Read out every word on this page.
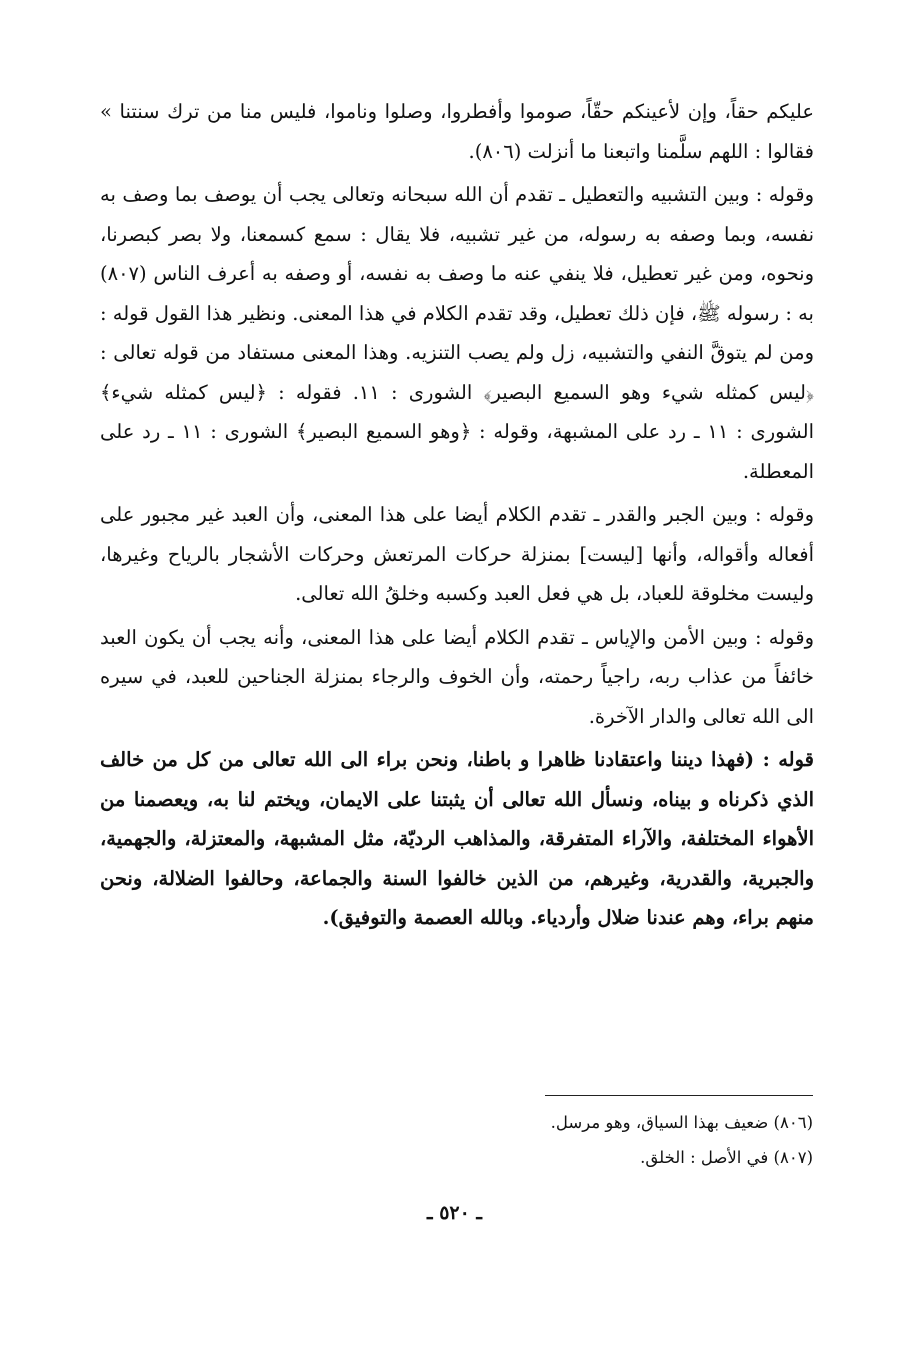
عليكم حقاً، وإن لأعينكم حقّاً، صوموا وأفطروا، وصلوا وناموا، فليس منا من ترك سنتنا » فقالوا : اللهم سلَّمنا واتبعنا ما أنزلت (٨٠٦).

وقوله : وبين التشبيه والتعطيل ـ تقدم أن الله سبحانه وتعالى يجب أن يوصف بما وصف به نفسه، وبما وصفه به رسوله، من غير تشبيه، فلا يقال : سمع كسمعنا، ولا بصر كبصرنا، ونحوه، ومن غير تعطيل، فلا ينفي عنه ما وصف به نفسه، أو وصفه به أعرف الناس (٨٠٧) به : رسوله ﷺ، فإن ذلك تعطيل، وقد تقدم الكلام في هذا المعنى. ونظير هذا القول قوله : ومن لم يتوقَّ النفي والتشبيه، زل ولم يصب التنزيه. وهذا المعنى مستفاد من قوله تعالى : ﴿ليس كمثله شيء وهو السميع البصير﴾ الشورى : ١١. فقوله : ﴿ليس كمثله شيء﴾ الشورى : ١١ ـ رد على المشبهة، وقوله : ﴿وهو السميع البصير﴾ الشورى : ١١ ـ رد على المعطلة.

وقوله : وبين الجبر والقدر ـ تقدم الكلام أيضا على هذا المعنى، وأن العبد غير مجبور على أفعاله وأقواله، وأنها [ليست] بمنزلة حركات المرتعش وحركات الأشجار بالرياح وغيرها، وليست مخلوقة للعباد، بل هي فعل العبد وكسبه وخلقُ الله تعالى.

وقوله : وبين الأمن والإياس ـ تقدم الكلام أيضا على هذا المعنى، وأنه يجب أن يكون العبد خائفاً من عذاب ربه، راجياً رحمته، وأن الخوف والرجاء بمنزلة الجناحين للعبد، في سيره الى الله تعالى والدار الآخرة.

قوله : (فهذا ديننا واعتقادنا ظاهرا و باطنا، ونحن براء الى الله تعالى من كل من خالف الذي ذكرناه و بيناه، ونسأل الله تعالى أن يثبتنا على الايمان، ويختم لنا به، ويعصمنا من الأهواء المختلفة، والآراء المتفرقة، والمذاهب الرديّة، مثل المشبهة، والمعتزلة، والجهمية، والجبرية، والقدرية، وغيرهم، من الذين خالفوا السنة والجماعة، وحالفوا الضلالة، ونحن منهم براء، وهم عندنا ضلال وأردياء. وبالله العصمة والتوفيق).

(٨٠٦) ضعيف بهذا السياق، وهو مرسل.
(٨٠٧) في الأصل : الخلق.
ـ ٥٢٠ ـ
